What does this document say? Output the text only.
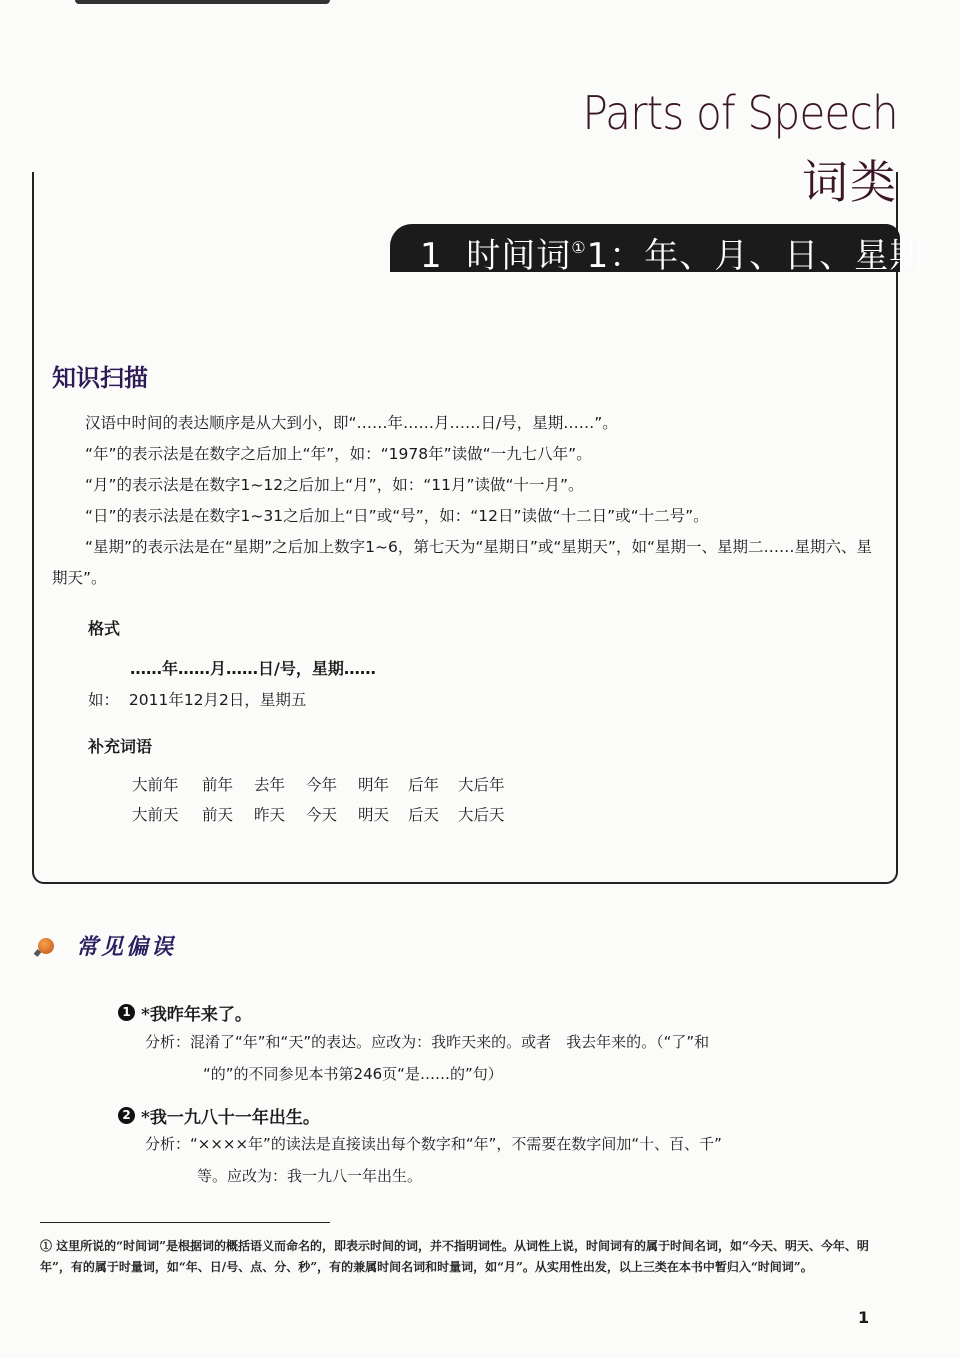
Parts of Speech
词类
1 时间词①1：年、月、日、星期
知识扫描

汉语中时间的表达顺序是从大到小，即“……年……月……日/号，星期……”。

“年”的表示法是在数字之后加上“年”，如：“1978年”读做“一九七八年”。

“月”的表示法是在数字1~12之后加上“月”，如：“11月”读做“十一月”。

“日”的表示法是在数字1~31之后加上“日”或“号”，如：“12日”读做“十二日”或“十二号”。

“星期”的表示法是在“星期”之后加上数字1~6，第七天为“星期日”或“星期天”，如“星期一、星期二……星期六、星期天”。

格式
……年……月……日/号，星期……
如： 2011年12月2日，星期五
补充词语
大前年	前年	去年	今年	明年	后年	大后年
大前天	前天	昨天	今天	明天	后天	大后天
常见偏误
1 *我昨年来了。
分析：混淆了“年”和“天”的表达。应改为：我昨天来的。或者　我去年来的。（“了”和
“的”的不同参见本书第246页“是……的”句）
2 *我一九八十一年出生。
分析：“××××年”的读法是直接读出每个数字和“年”，不需要在数字间加“十、百、千”
等。应改为：我一九八一年出生。
① 这里所说的“时间词”是根据词的概括语义而命名的，即表示时间的词，并不指明词性。从词性上说，时间词有的属于时间名词，如“今天、明天、今年、明年”，有的属于时量词，如“年、日/号、点、分、秒”，有的兼属时间名词和时量词，如“月”。从实用性出发，以上三类在本书中暂归入“时间词”。
1
